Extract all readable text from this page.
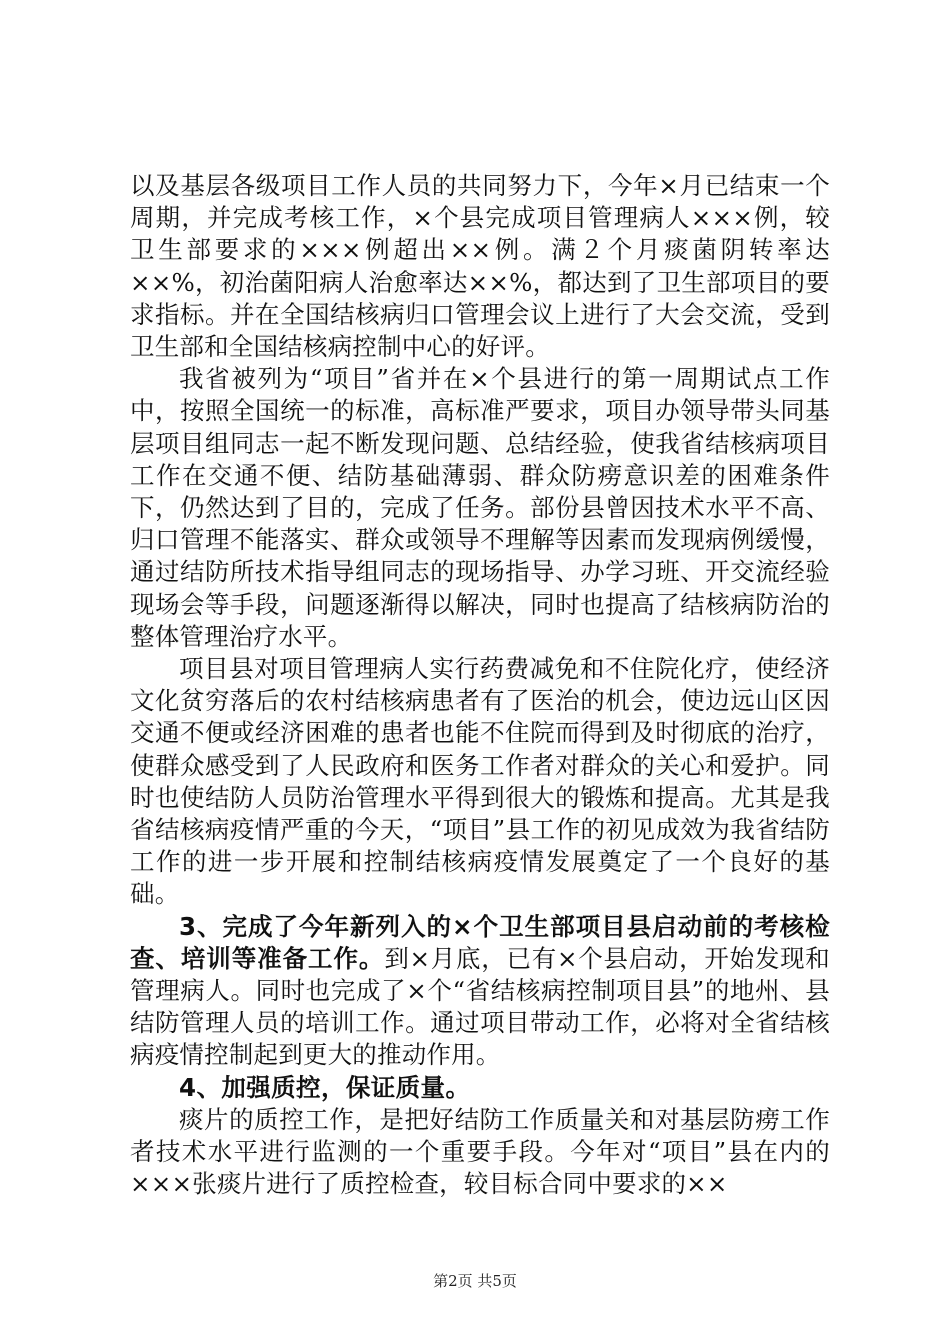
以及基层各级项目工作人员的共同努力下，今年×月已结束一个周期，并完成考核工作，×个县完成项目管理病人×××例，较卫生部要求的×××例超出××例。满２个月痰菌阴转率达××%，初治菌阳病人治愈率达××%，都达到了卫生部项目的要求指标。并在全国结核病归口管理会议上进行了大会交流，受到卫生部和全国结核病控制中心的好评。

我省被列为“项目”省并在×个县进行的第一周期试点工作中，按照全国统一的标准，高标准严要求，项目办领导带头同基层项目组同志一起不断发现问题、总结经验，使我省结核病项目工作在交通不便、结防基础薄弱、群众防痨意识差的困难条件下，仍然达到了目的，完成了任务。部份县曾因技术水平不高、归口管理不能落实、群众或领导不理解等因素而发现病例缓慢，通过结防所技术指导组同志的现场指导、办学习班、开交流经验现场会等手段，问题逐渐得以解决，同时也提高了结核病防治的整体管理治疗水平。

项目县对项目管理病人实行药费减免和不住院化疗，使经济文化贫穷落后的农村结核病患者有了医治的机会，使边远山区因交通不便或经济困难的患者也能不住院而得到及时彻底的治疗，使群众感受到了人民政府和医务工作者对群众的关心和爱护。同时也使结防人员防治管理水平得到很大的锻炼和提高。尤其是我省结核病疫情严重的今天，“项目”县工作的初见成效为我省结防工作的进一步开展和控制结核病疫情发展奠定了一个良好的基础。

3、完成了今年新列入的×个卫生部项目县启动前的考核检查、培训等准备工作。到×月底，已有×个县启动，开始发现和管理病人。同时也完成了×个“省结核病控制项目县”的地州、县结防管理人员的培训工作。通过项目带动工作，必将对全省结核病疫情控制起到更大的推动作用。

4、加强质控，保证质量。

痰片的质控工作，是把好结防工作质量关和对基层防痨工作者技术水平进行监测的一个重要手段。今年对“项目”县在内的×××张痰片进行了质控检查，较目标合同中要求的××

第2页 共5页
